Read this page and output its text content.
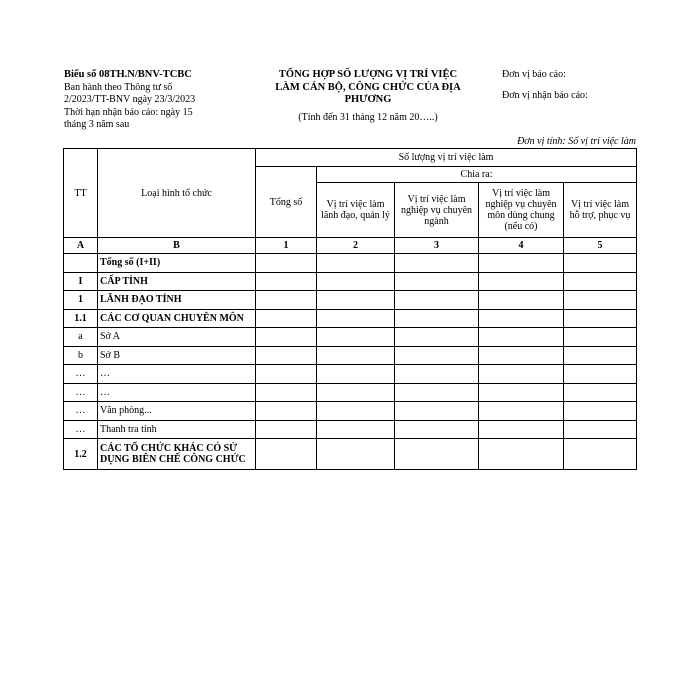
Biểu số 08TH.N/BNV-TCBC
Ban hành theo Thông tư số
2/2023/TT-BNV ngày 23/3/2023
Thời hạn nhận báo cáo: ngày 15
tháng 3 năm sau
TỔNG HỢP SỐ LƯỢNG VỊ TRÍ VIỆC
LÀM CÁN BỘ, CÔNG CHỨC CỦA ĐỊA
PHƯƠNG
(Tính đến 31 tháng 12 năm 20…..)
Đơn vị báo cáo:
Đơn vị nhận báo cáo:
Đơn vị tính: Số vị trí việc làm
TT	Loại hình tổ chức	Số lượng vị trí việc làm				
		Tổng số	Chia ra:			
			Vị trí việc làm lãnh đạo, quản lý	Vị trí việc làm nghiệp vụ chuyên ngành	Vị trí việc làm nghiệp vụ chuyên môn dùng chung (nếu có)	Vị trí việc làm hỗ trợ, phục vụ
A	B	1	2	3	4	5
	Tổng số (I+II)					
I	CẤP TỈNH					
1	LÃNH ĐẠO TỈNH					
1.1	CÁC CƠ QUAN CHUYÊN MÔN					
a	Sở A					
b	Sở B					
…	…					
…	…					
…	Văn phòng...					
…	Thanh tra tỉnh					
1.2	CÁC TỔ CHỨC KHÁC CÓ SỬ DỤNG BIÊN CHẾ CÔNG CHỨC					
